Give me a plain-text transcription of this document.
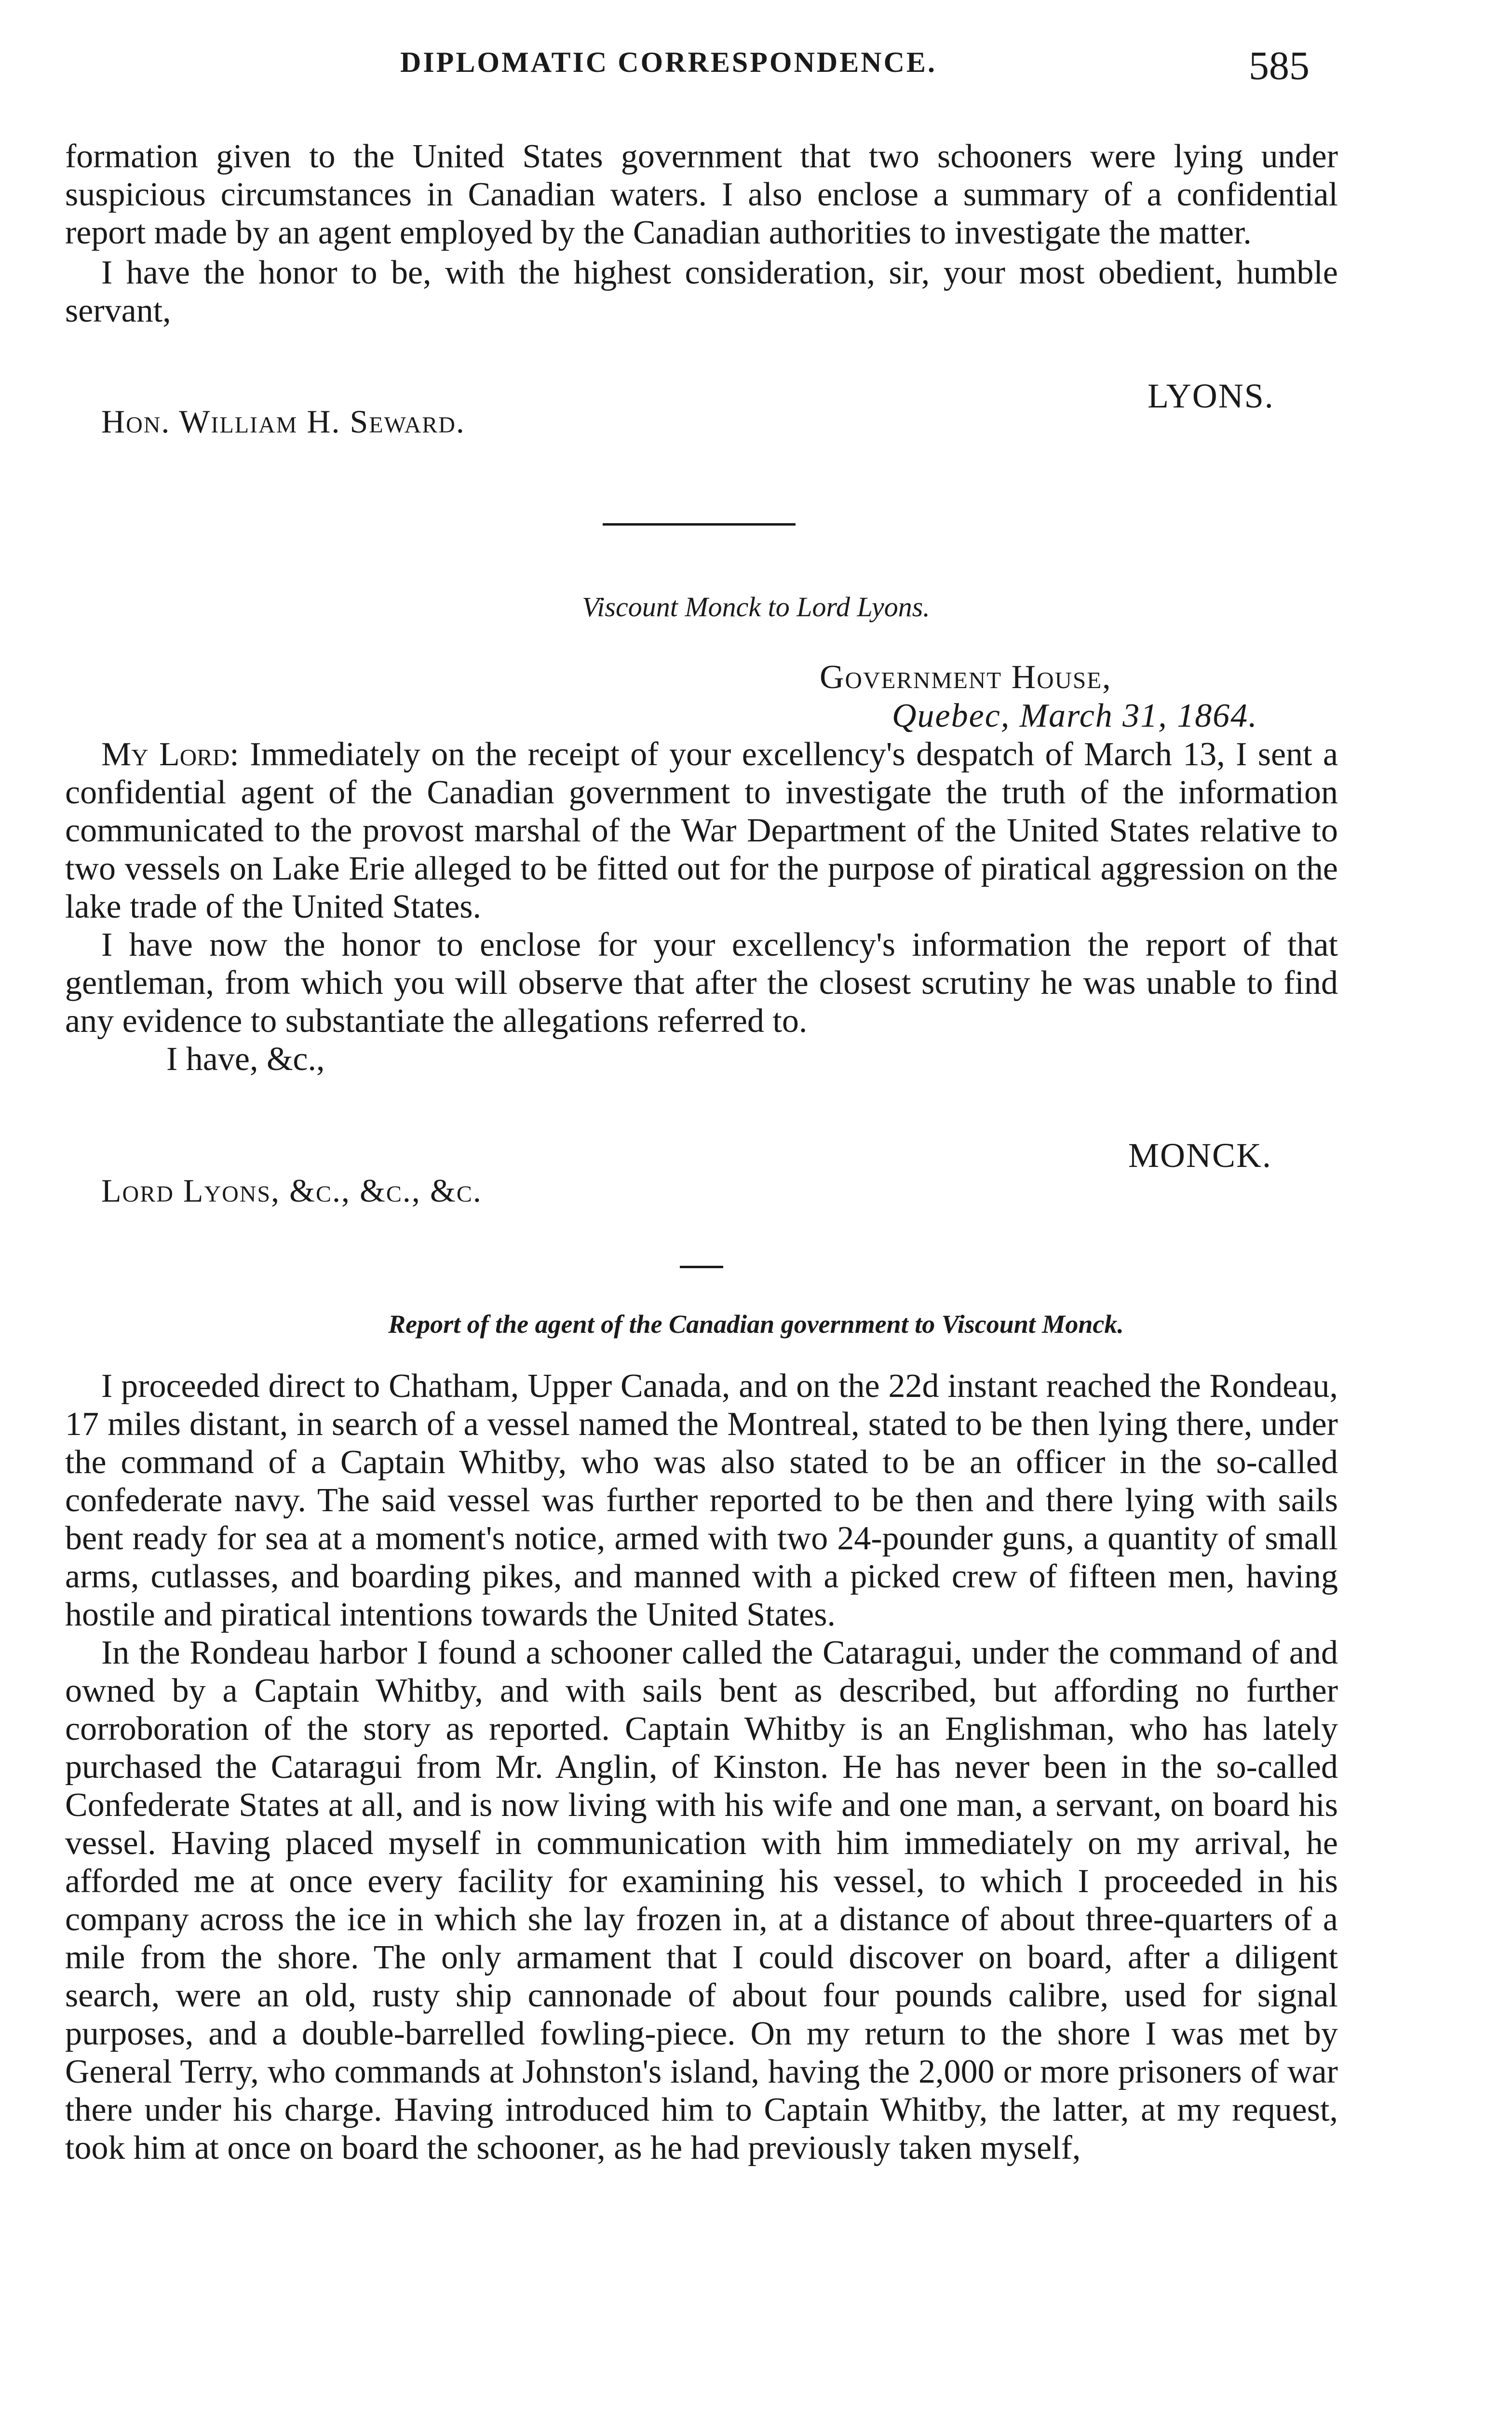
DIPLOMATIC CORRESPONDENCE.	585

formation given to the United States government that two schooners were lying under suspicious circumstances in Canadian waters. I also enclose a summary of a confidential report made by an agent employed by the Canadian authorities to investigate the matter.

I have the honor to be, with the highest consideration, sir, your most obedient, humble servant,

LYONS.
Hon. William H. Seward.
Viscount Monck to Lord Lyons.
Government House,
Quebec, March 31, 1864.

My Lord: Immediately on the receipt of your excellency's despatch of March 13, I sent a confidential agent of the Canadian government to investigate the truth of the information communicated to the provost marshal of the War Department of the United States relative to two vessels on Lake Erie alleged to be fitted out for the purpose of piratical aggression on the lake trade of the United States.

I have now the honor to enclose for your excellency's information the report of that gentleman, from which you will observe that after the closest scrutiny he was unable to find any evidence to substantiate the allegations referred to.

I have, &c.,

MONCK.
Lord Lyons, &c., &c., &c.
Report of the agent of the Canadian government to Viscount Monck.

I proceeded direct to Chatham, Upper Canada, and on the 22d instant reached the Rondeau, 17 miles distant, in search of a vessel named the Montreal, stated to be then lying there, under the command of a Captain Whitby, who was also stated to be an officer in the so-called confederate navy. The said vessel was further reported to be then and there lying with sails bent ready for sea at a moment's notice, armed with two 24-pounder guns, a quantity of small arms, cutlasses, and boarding pikes, and manned with a picked crew of fifteen men, having hostile and piratical intentions towards the United States.

In the Rondeau harbor I found a schooner called the Cataragui, under the command of and owned by a Captain Whitby, and with sails bent as described, but affording no further corroboration of the story as reported. Captain Whitby is an Englishman, who has lately purchased the Cataragui from Mr. Anglin, of Kinston. He has never been in the so-called Confederate States at all, and is now living with his wife and one man, a servant, on board his vessel. Having placed myself in communication with him immediately on my arrival, he afforded me at once every facility for examining his vessel, to which I proceeded in his company across the ice in which she lay frozen in, at a distance of about three-quarters of a mile from the shore. The only armament that I could discover on board, after a diligent search, were an old, rusty ship cannonade of about four pounds calibre, used for signal purposes, and a double-barrelled fowling-piece. On my return to the shore I was met by General Terry, who commands at Johnston's island, having the 2,000 or more prisoners of war there under his charge. Having introduced him to Captain Whitby, the latter, at my request, took him at once on board the schooner, as he had previously taken myself,
